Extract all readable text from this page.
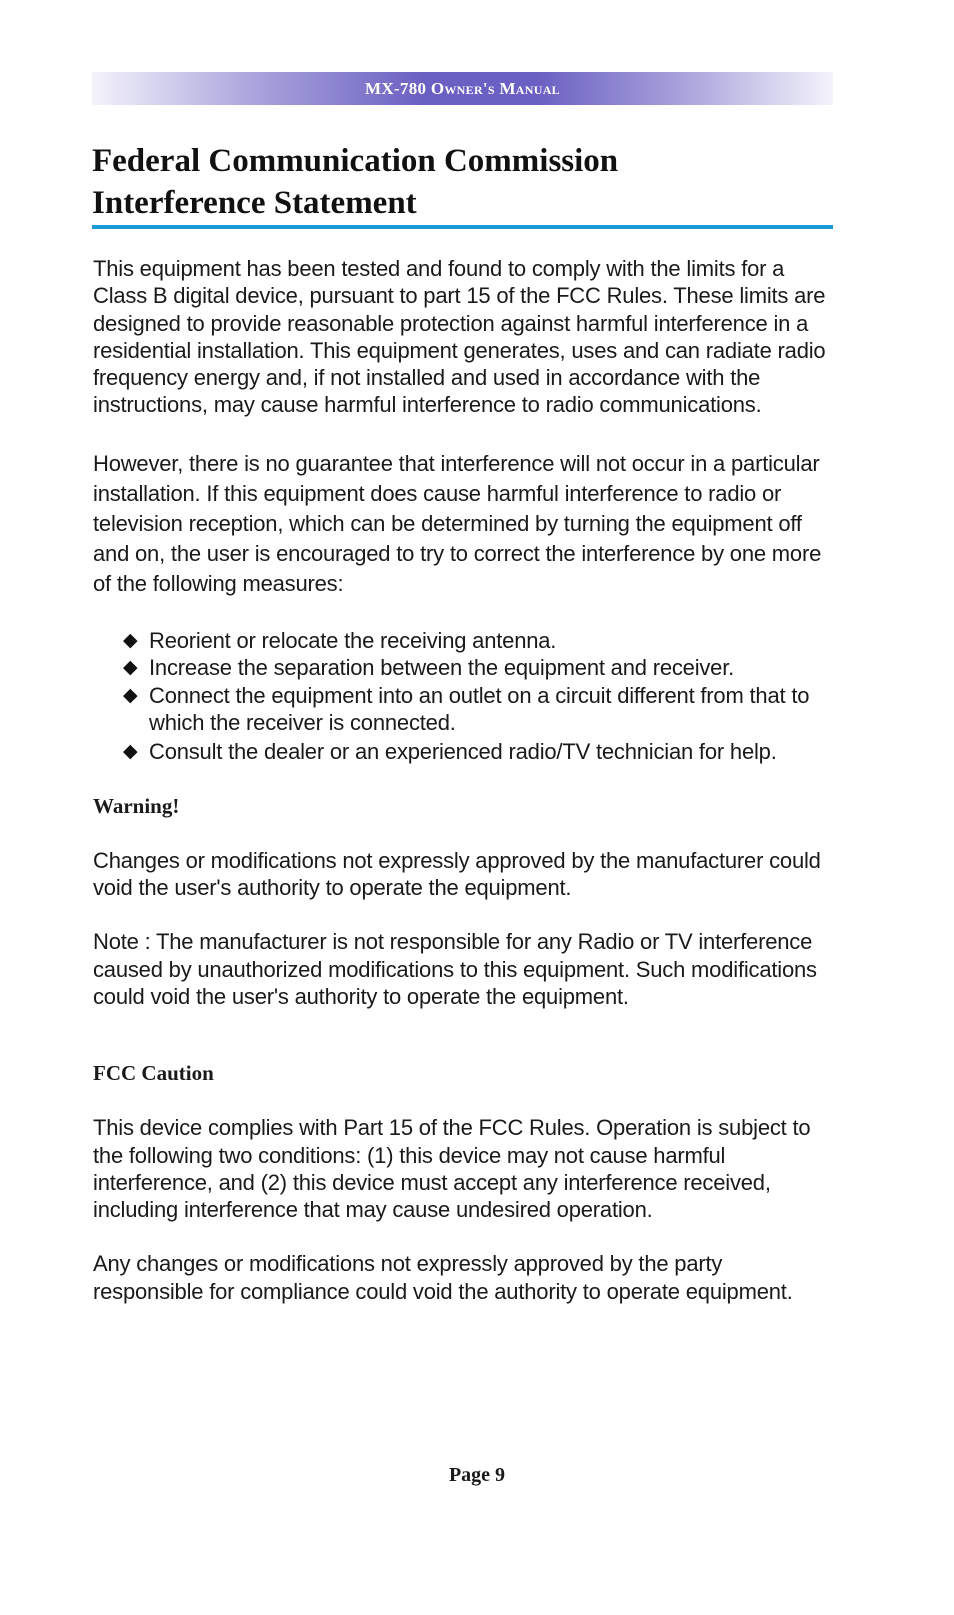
MX-780 Owner's Manual
Federal Communication Commission
Interference Statement

This equipment has been tested and found to comply with the limits for a Class B digital device, pursuant to part 15 of the FCC Rules. These limits are designed to provide reasonable protection against harmful interference in a residential installation. This equipment generates, uses and can radiate radio frequency energy and, if not installed and used in accordance with the instructions, may cause harmful interference to radio communications.

However, there is no guarantee that interference will not occur in a particular installation. If this equipment does cause harmful interference to radio or television reception, which can be determined by turning the equipment off and on, the user is encouraged to try to correct the interference by one more of the following measures:

◆ Reorient or relocate the receiving antenna.
◆ Increase the separation between the equipment and receiver.
◆ Connect the equipment into an outlet on a circuit different from that to which the receiver is connected.
◆ Consult the dealer or an experienced radio/TV technician for help.
Warning!

Changes or modifications not expressly approved by the manufacturer could void the user's authority to operate the equipment.

Note : The manufacturer is not responsible for any Radio or TV interference caused by unauthorized modifications to this equipment. Such modifications could void the user's authority to operate the equipment.

FCC Caution

This device complies with Part 15 of the FCC Rules. Operation is subject to the following two conditions: (1) this device may not cause harmful interference, and (2) this device must accept any interference received, including interference that may cause undesired operation.

Any changes or modifications not expressly approved by the party responsible for compliance could void the authority to operate equipment.

Page 9
